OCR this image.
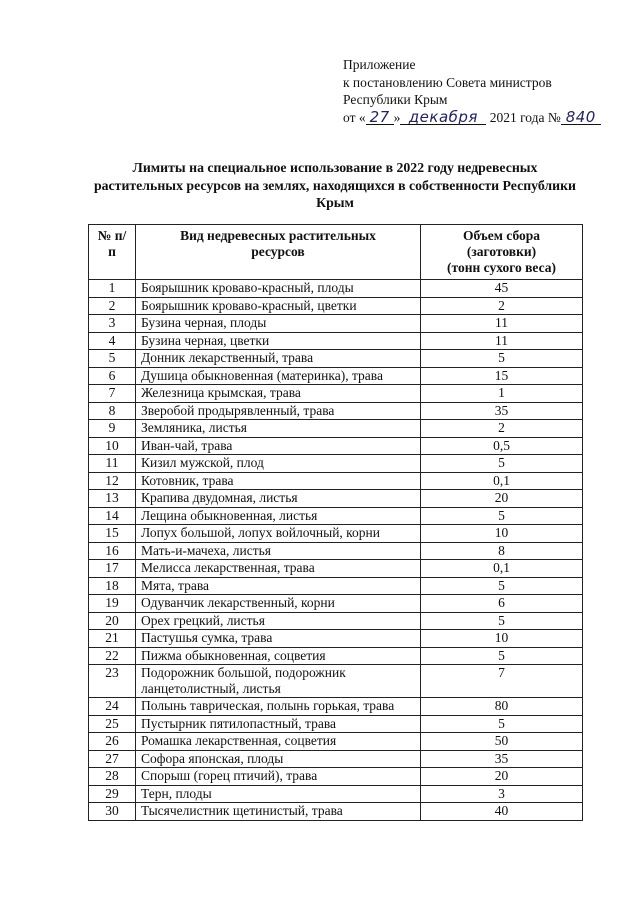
Приложение
к постановлению Совета министров
Республики Крым
от « 27 » декабря 2021 года № 840
Лимиты на специальное использование в 2022 году недревесных растительных ресурсов на землях, находящихся в собственности Республики Крым
№ п/п	Вид недревесных растительных ресурсов	Объем сбора
(заготовки)
(тонн сухого веса)

1	Боярышник кроваво-красный, плоды	45
2	Боярышник кроваво-красный, цветки	2
3	Бузина черная, плоды	11
4	Бузина черная, цветки	11
5	Донник лекарственный, трава	5
6	Душица обыкновенная (материнка), трава	15
7	Железница крымская, трава	1
8	Зверобой продырявленный, трава	35
9	Земляника, листья	2
10	Иван-чай, трава	0,5
11	Кизил мужской, плод	5
12	Котовник, трава	0,1
13	Крапива двудомная, листья	20
14	Лещина обыкновенная, листья	5
15	Лопух большой, лопух войлочный, корни	10
16	Мать-и-мачеха, листья	8
17	Мелисса лекарственная, трава	0,1
18	Мята, трава	5
19	Одуванчик лекарственный, корни	6
20	Орех грецкий, листья	5
21	Пастушья сумка, трава	10
22	Пижма обыкновенная, соцветия	5
23	Подорожник большой, подорожник ланцетолистный, листья	7
24	Полынь таврическая, полынь горькая, трава	80
25	Пустырник пятилопастный, трава	5
26	Ромашка лекарственная, соцветия	50
27	Софора японская, плоды	35
28	Спорыш (горец птичий), трава	20
29	Терн, плоды	3
30	Тысячелистник щетинистый, трава	40
